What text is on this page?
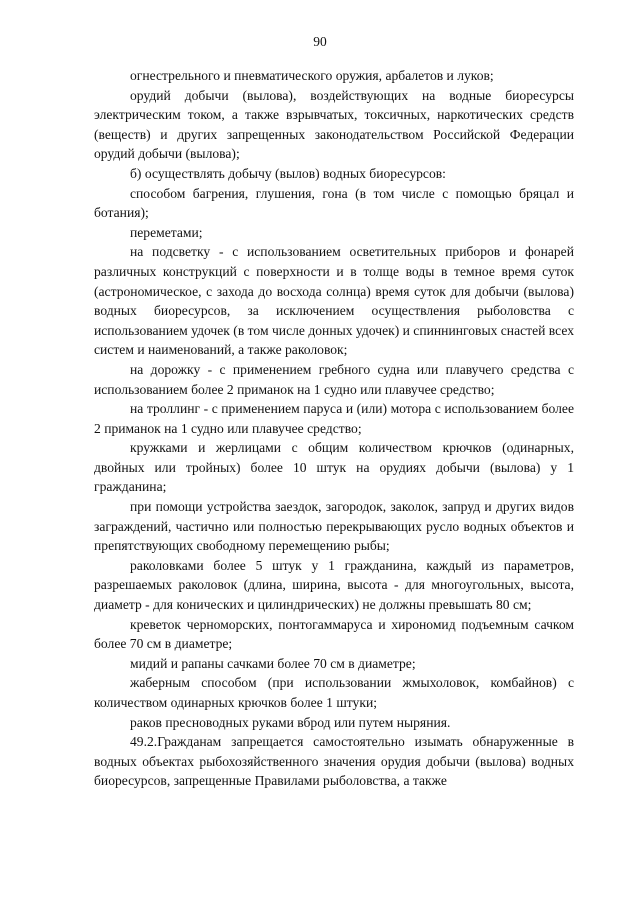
90

огнестрельного и пневматического оружия, арбалетов и луков;

орудий добычи (вылова), воздействующих на водные биоресурсы электрическим током, а также взрывчатых, токсичных, наркотических средств (веществ) и других запрещенных законодательством Российской Федерации орудий добычи (вылова);

б) осуществлять добычу (вылов) водных биоресурсов:

способом багрения, глушения, гона (в том числе с помощью бряцал и ботания);

переметами;

на подсветку - с использованием осветительных приборов и фонарей различных конструкций с поверхности и в толще воды в темное время суток (астрономическое, с захода до восхода солнца) время суток для добычи (вылова) водных биоресурсов, за исключением осуществления рыболовства с использованием удочек (в том числе донных удочек) и спиннинговых снастей всех систем и наименований, а также раколовок;

на дорожку - с применением гребного судна или плавучего средства с использованием более 2 приманок на 1 судно или плавучее средство;

на троллинг - с применением паруса и (или) мотора с использованием более 2 приманок на 1 судно или плавучее средство;

кружками и жерлицами с общим количеством крючков (одинарных, двойных или тройных) более 10 штук на орудиях добычи (вылова) у 1 гражданина;

при помощи устройства заездок, загородок, заколок, запруд и других видов заграждений, частично или полностью перекрывающих русло водных объектов и препятствующих свободному перемещению рыбы;

раколовками более 5 штук у 1 гражданина, каждый из параметров, разрешаемых раколовок (длина, ширина, высота - для многоугольных, высота, диаметр - для конических и цилиндрических) не должны превышать 80 см;

креветок черноморских, понтогаммаруса и хирономид подъемным сачком более 70 см в диаметре;

мидий и рапаны сачками более 70 см в диаметре;

жаберным способом (при использовании жмыхоловок, комбайнов) с количеством одинарных крючков более 1 штуки;

раков пресноводных руками вброд или путем ныряния.

49.2.Гражданам запрещается самостоятельно изымать обнаруженные в водных объектах рыбохозяйственного значения орудия добычи (вылова) водных биоресурсов, запрещенные Правилами рыболовства, а также
